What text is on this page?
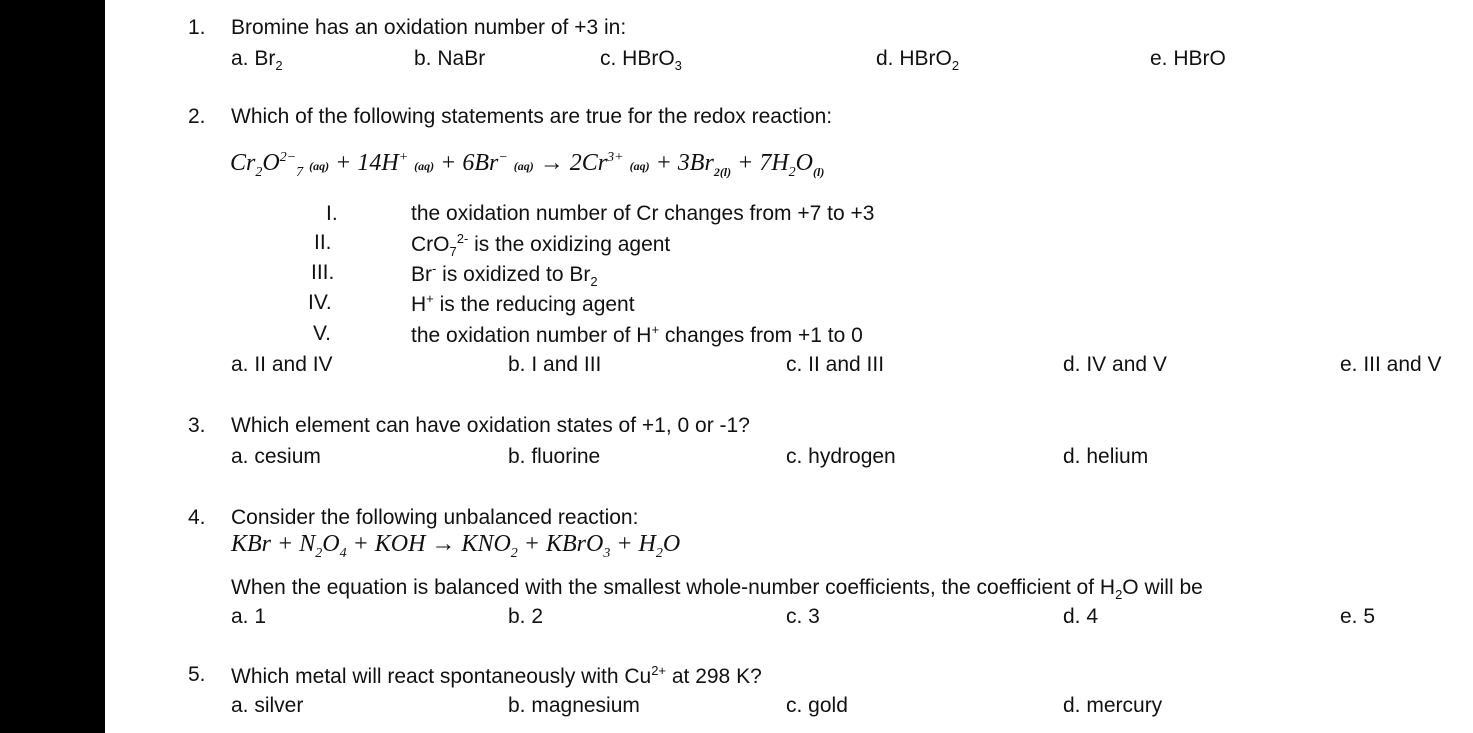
1. Bromine has an oxidation number of +3 in:
a. $Br_2$	b. NaBr	c. HBrO$_3$	d. HBrO$_2$	e. HBrO
2. Which of the following statements are true for the redox reaction:
$Cr_2O^{2-}_7$ (aq) + 14H+ (aq) + 6Br− $(aq) \to 2Cr^{3+}$ $(aq) + 3Br_{2(l)} + 7H_2O_{(l)}$
I.	the oxidation number of Cr changes from +7 to +3
II.	CrO$_7^{2-}$ is the oxidizing agent
III.	Br- is oxidized to $Br_2$
IV.	H+ is the reducing agent
V.	the oxidation number of H+ changes from +1 to 0
a. II and IV	b. I and III	c. II and III	d. IV and V	e. III and V
3. Which element can have oxidation states of +1, 0 or -1?
a. cesium	b. fluorine	c. hydrogen	d. helium
4. Consider the following unbalanced reaction:
KBr + $N_2O_4$ + KOH → $KNO_2$ + KBrO$_3$ + $H_2O$
When the equation is balanced with the smallest whole-number coefficients, the coefficient of $H_2O$ will be
a. 1	b. 2	c. 3	d. 4	e. 5
5. Which metal will react spontaneously with $Cu^{2+}$ at 298 K?
a. silver	b. magnesium	c. gold	d. mercury
